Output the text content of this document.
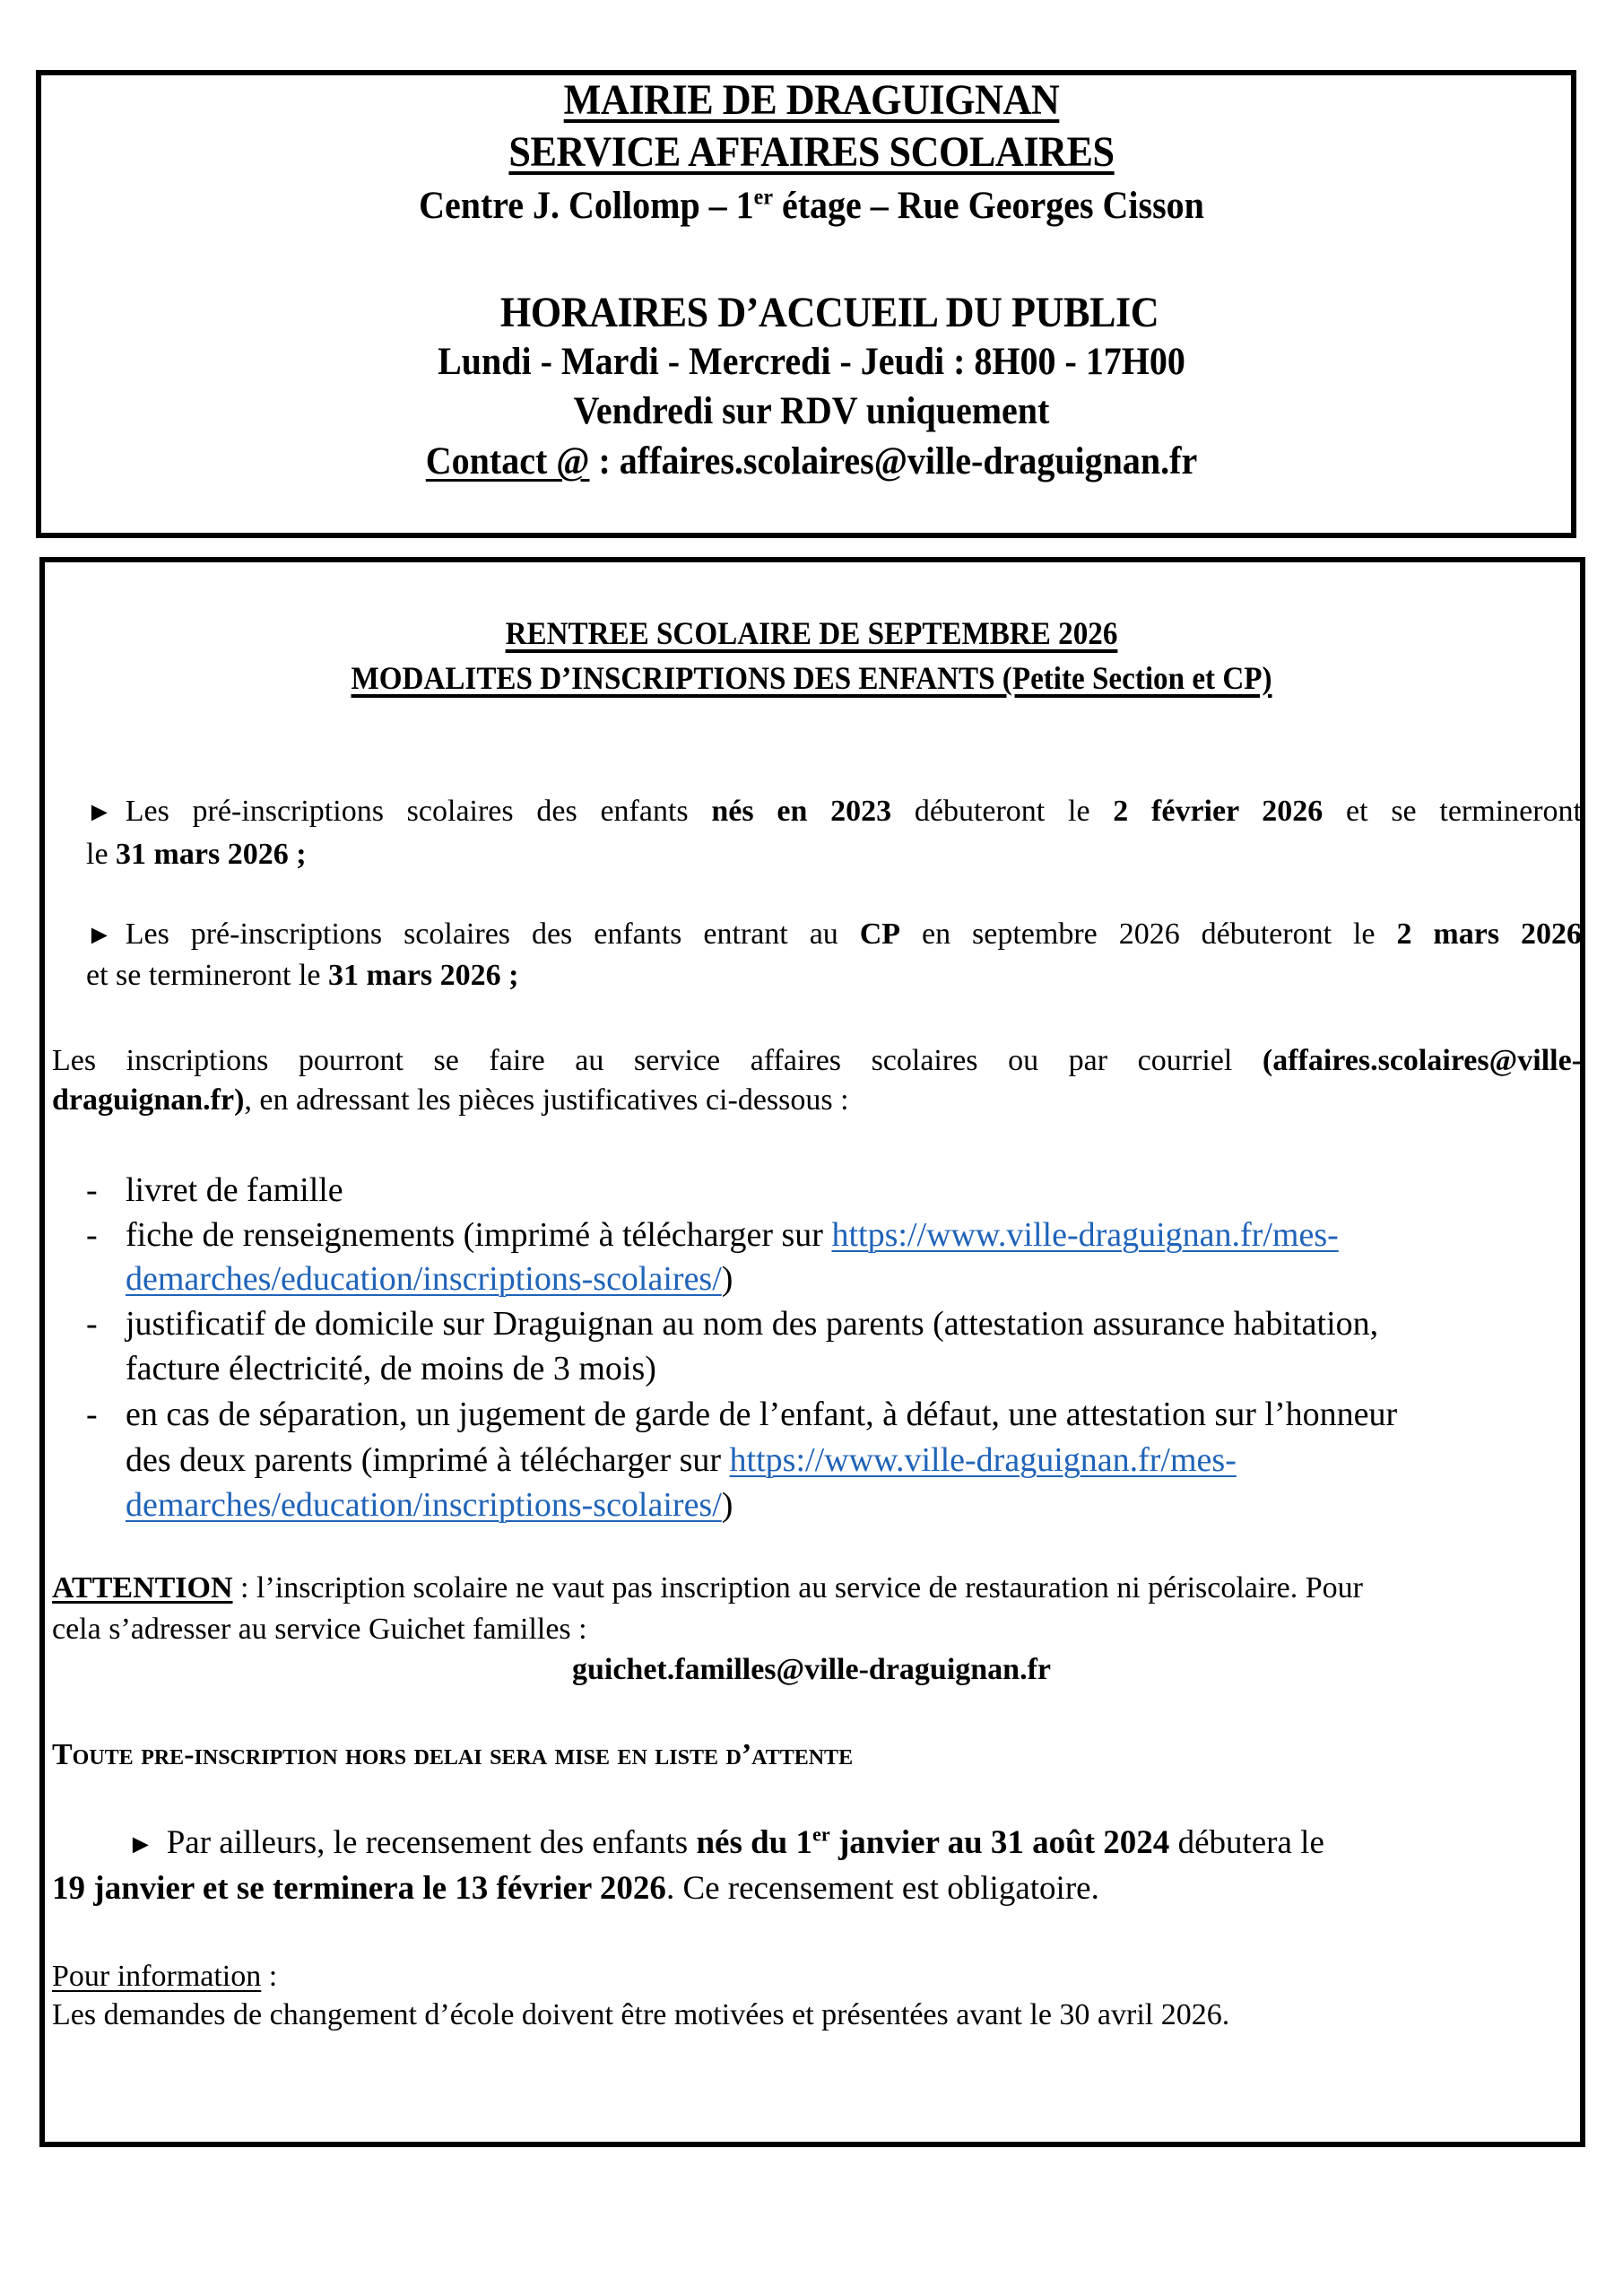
MAIRIE DE DRAGUIGNAN
SERVICE AFFAIRES SCOLAIRES
Centre J. Collomp – 1er étage – Rue Georges Cisson
HORAIRES D’ACCUEIL DU PUBLIC
Lundi - Mardi - Mercredi - Jeudi : 8H00 - 17H00
Vendredi sur RDV uniquement
Contact @ : affaires.scolaires@ville-draguignan.fr
RENTREE SCOLAIRE DE SEPTEMBRE 2026
MODALITES D’INSCRIPTIONS DES ENFANTS (Petite Section et CP)
► Les pré-inscriptions scolaires des enfants nés en 2023 débuteront le 2 février 2026 et se termineront
le 31 mars 2026 ;
► Les pré-inscriptions scolaires des enfants entrant au CP en septembre 2026 débuteront le 2 mars 2026
et se termineront le 31 mars 2026 ;
Les inscriptions pourront se faire au service affaires scolaires ou par courriel (affaires.scolaires@ville-
draguignan.fr), en adressant les pièces justificatives ci-dessous :
- livret de famille
- fiche de renseignements (imprimé à télécharger sur https://www.ville-draguignan.fr/mes-
demarches/education/inscriptions-scolaires/)
- justificatif de domicile sur Draguignan au nom des parents (attestation assurance habitation,
facture électricité, de moins de 3 mois)
- en cas de séparation, un jugement de garde de l’enfant, à défaut, une attestation sur l’honneur
des deux parents (imprimé à télécharger sur https://www.ville-draguignan.fr/mes-
demarches/education/inscriptions-scolaires/)
ATTENTION : l’inscription scolaire ne vaut pas inscription au service de restauration ni périscolaire. Pour
cela s’adresser au service Guichet familles :
guichet.familles@ville-draguignan.fr
Toute pre-inscription hors delai sera mise en liste d’attente
► Par ailleurs, le recensement des enfants nés du 1er janvier au 31 août 2024 débutera le
19 janvier et se terminera le 13 février 2026. Ce recensement est obligatoire.
Pour information :
Les demandes de changement d’école doivent être motivées et présentées avant le 30 avril 2026.
